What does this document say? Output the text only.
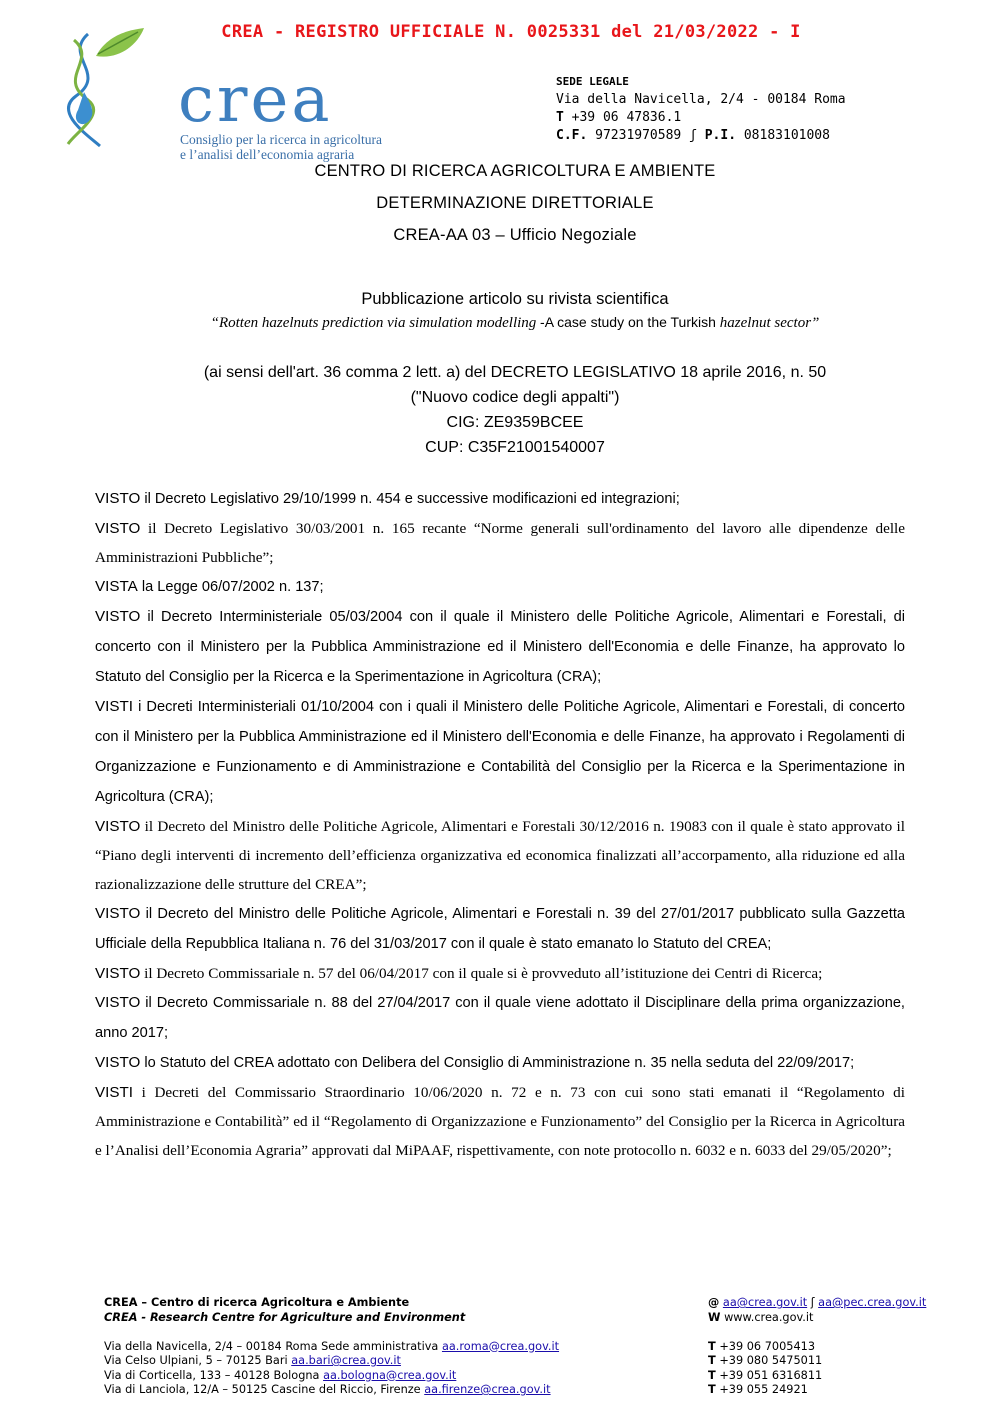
CREA - REGISTRO UFFICIALE N. 0025331 del 21/03/2022 - I
crea
Consiglio per la ricerca in agricoltura
e l’analisi dell’economia agraria
SEDE LEGALE
Via della Navicella, 2/4 - 00184 Roma
T +39 06 47836.1
C.F. 97231970589 ʃ P.I. 08183101008
CENTRO DI RICERCA AGRICOLTURA E AMBIENTE
DETERMINAZIONE DIRETTORIALE
CREA-AA 03 – Ufficio Negoziale
Pubblicazione articolo su rivista scientifica
“Rotten hazelnuts prediction via simulation modelling -A case study on the Turkish hazelnut sector”
(ai sensi dell'art. 36 comma 2 lett. a) del DECRETO LEGISLATIVO 18 aprile 2016, n. 50
("Nuovo codice degli appalti")
CIG: ZE9359BCEE
CUP: C35F21001540007

VISTO il Decreto Legislativo 29/10/1999 n. 454 e successive modificazioni ed integrazioni;

VISTO il Decreto Legislativo 30/03/2001 n. 165 recante “Norme generali sull'ordinamento del lavoro alle dipendenze delle Amministrazioni Pubbliche”;

VISTA la Legge 06/07/2002 n. 137;

VISTO il Decreto Interministeriale 05/03/2004 con il quale il Ministero delle Politiche Agricole, Alimentari e Forestali, di concerto con il Ministero per la Pubblica Amministrazione ed il Ministero dell'Economia e delle Finanze, ha approvato lo Statuto del Consiglio per la Ricerca e la Sperimentazione in Agricoltura (CRA);

VISTI i Decreti Interministeriali 01/10/2004 con i quali il Ministero delle Politiche Agricole, Alimentari e Forestali, di concerto con il Ministero per la Pubblica Amministrazione ed il Ministero dell'Economia e delle Finanze, ha approvato i Regolamenti di Organizzazione e Funzionamento e di Amministrazione e Contabilità del Consiglio per la Ricerca e la Sperimentazione in Agricoltura (CRA);

VISTO il Decreto del Ministro delle Politiche Agricole, Alimentari e Forestali 30/12/2016 n. 19083 con il quale è stato approvato il “Piano degli interventi di incremento dell’efficienza organizzativa ed economica finalizzati all’accorpamento, alla riduzione ed alla razionalizzazione delle strutture del CREA”;

VISTO il Decreto del Ministro delle Politiche Agricole, Alimentari e Forestali n. 39 del 27/01/2017 pubblicato sulla Gazzetta Ufficiale della Repubblica Italiana n. 76 del 31/03/2017 con il quale è stato emanato lo Statuto del CREA;

VISTO il Decreto Commissariale n. 57 del 06/04/2017 con il quale si è provveduto all’istituzione dei Centri di Ricerca;

VISTO il Decreto Commissariale n. 88 del 27/04/2017 con il quale viene adottato il Disciplinare della prima organizzazione, anno 2017;

VISTO lo Statuto del CREA adottato con Delibera del Consiglio di Amministrazione n. 35 nella seduta del 22/09/2017;

VISTI i Decreti del Commissario Straordinario 10/06/2020 n. 72 e n. 73 con cui sono stati emanati il “Regolamento di Amministrazione e Contabilità” ed il “Regolamento di Organizzazione e Funzionamento” del Consiglio per la Ricerca in Agricoltura e l’Analisi dell’Economia Agraria” approvati dal MiPAAF, rispettivamente, con note protocollo n. 6032 e n. 6033 del 29/05/2020”;

CREA – Centro di ricerca Agricoltura e Ambiente
CREA - Research Centre for Agriculture and Environment
Via della Navicella, 2/4 – 00184 Roma Sede amministrativa aa.roma@crea.gov.it
Via Celso Ulpiani, 5 – 70125 Bari aa.bari@crea.gov.it
Via di Corticella, 133 – 40128 Bologna aa.bologna@crea.gov.it
Via di Lanciola, 12/A – 50125 Cascine del Riccio, Firenze aa.firenze@crea.gov.it
@ aa@crea.gov.it ʃ aa@pec.crea.gov.it
W www.crea.gov.it
T +39 06 7005413
T +39 080 5475011
T +39 051 6316811
T +39 055 24921
